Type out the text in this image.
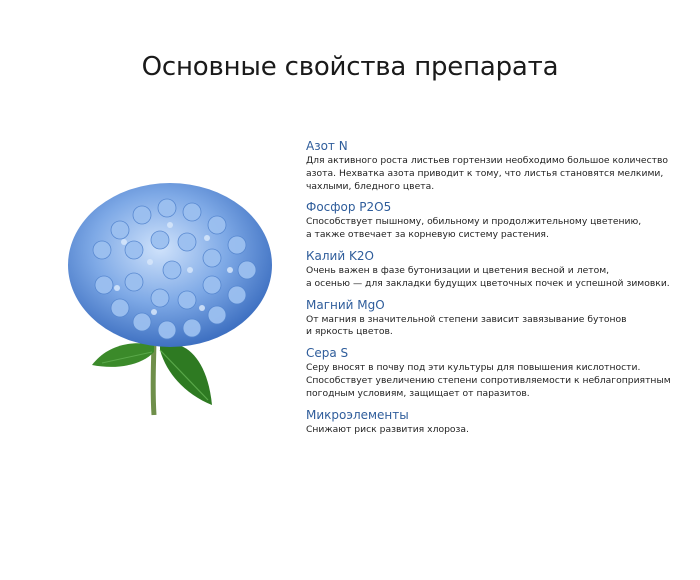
Основные свойства препарата
Азот N
Для активного роста листьев гортензии необходимо большое количество
азота. Нехватка азота приводит к тому, что листья становятся мелкими,
чахлыми, бледного цвета.
Фосфор P2O5
Способствует пышному, обильному и продолжительному цветению,
а также отвечает за корневую систему растения.
Калий K2O
Очень важен в фазе бутонизации и цветения весной и летом,
а осенью — для закладки будущих цветочных почек и успешной зимовки.
Магний MgO
От магния в значительной степени зависит завязывание бутонов
и яркость цветов.
Сера S
Серу вносят в почву под эти культуры для повышения кислотности.
Способствует увеличению степени сопротивляемости к неблагоприятным
погодным условиям, защищает от паразитов.
Микроэлементы
Снижают риск развития хлороза.
